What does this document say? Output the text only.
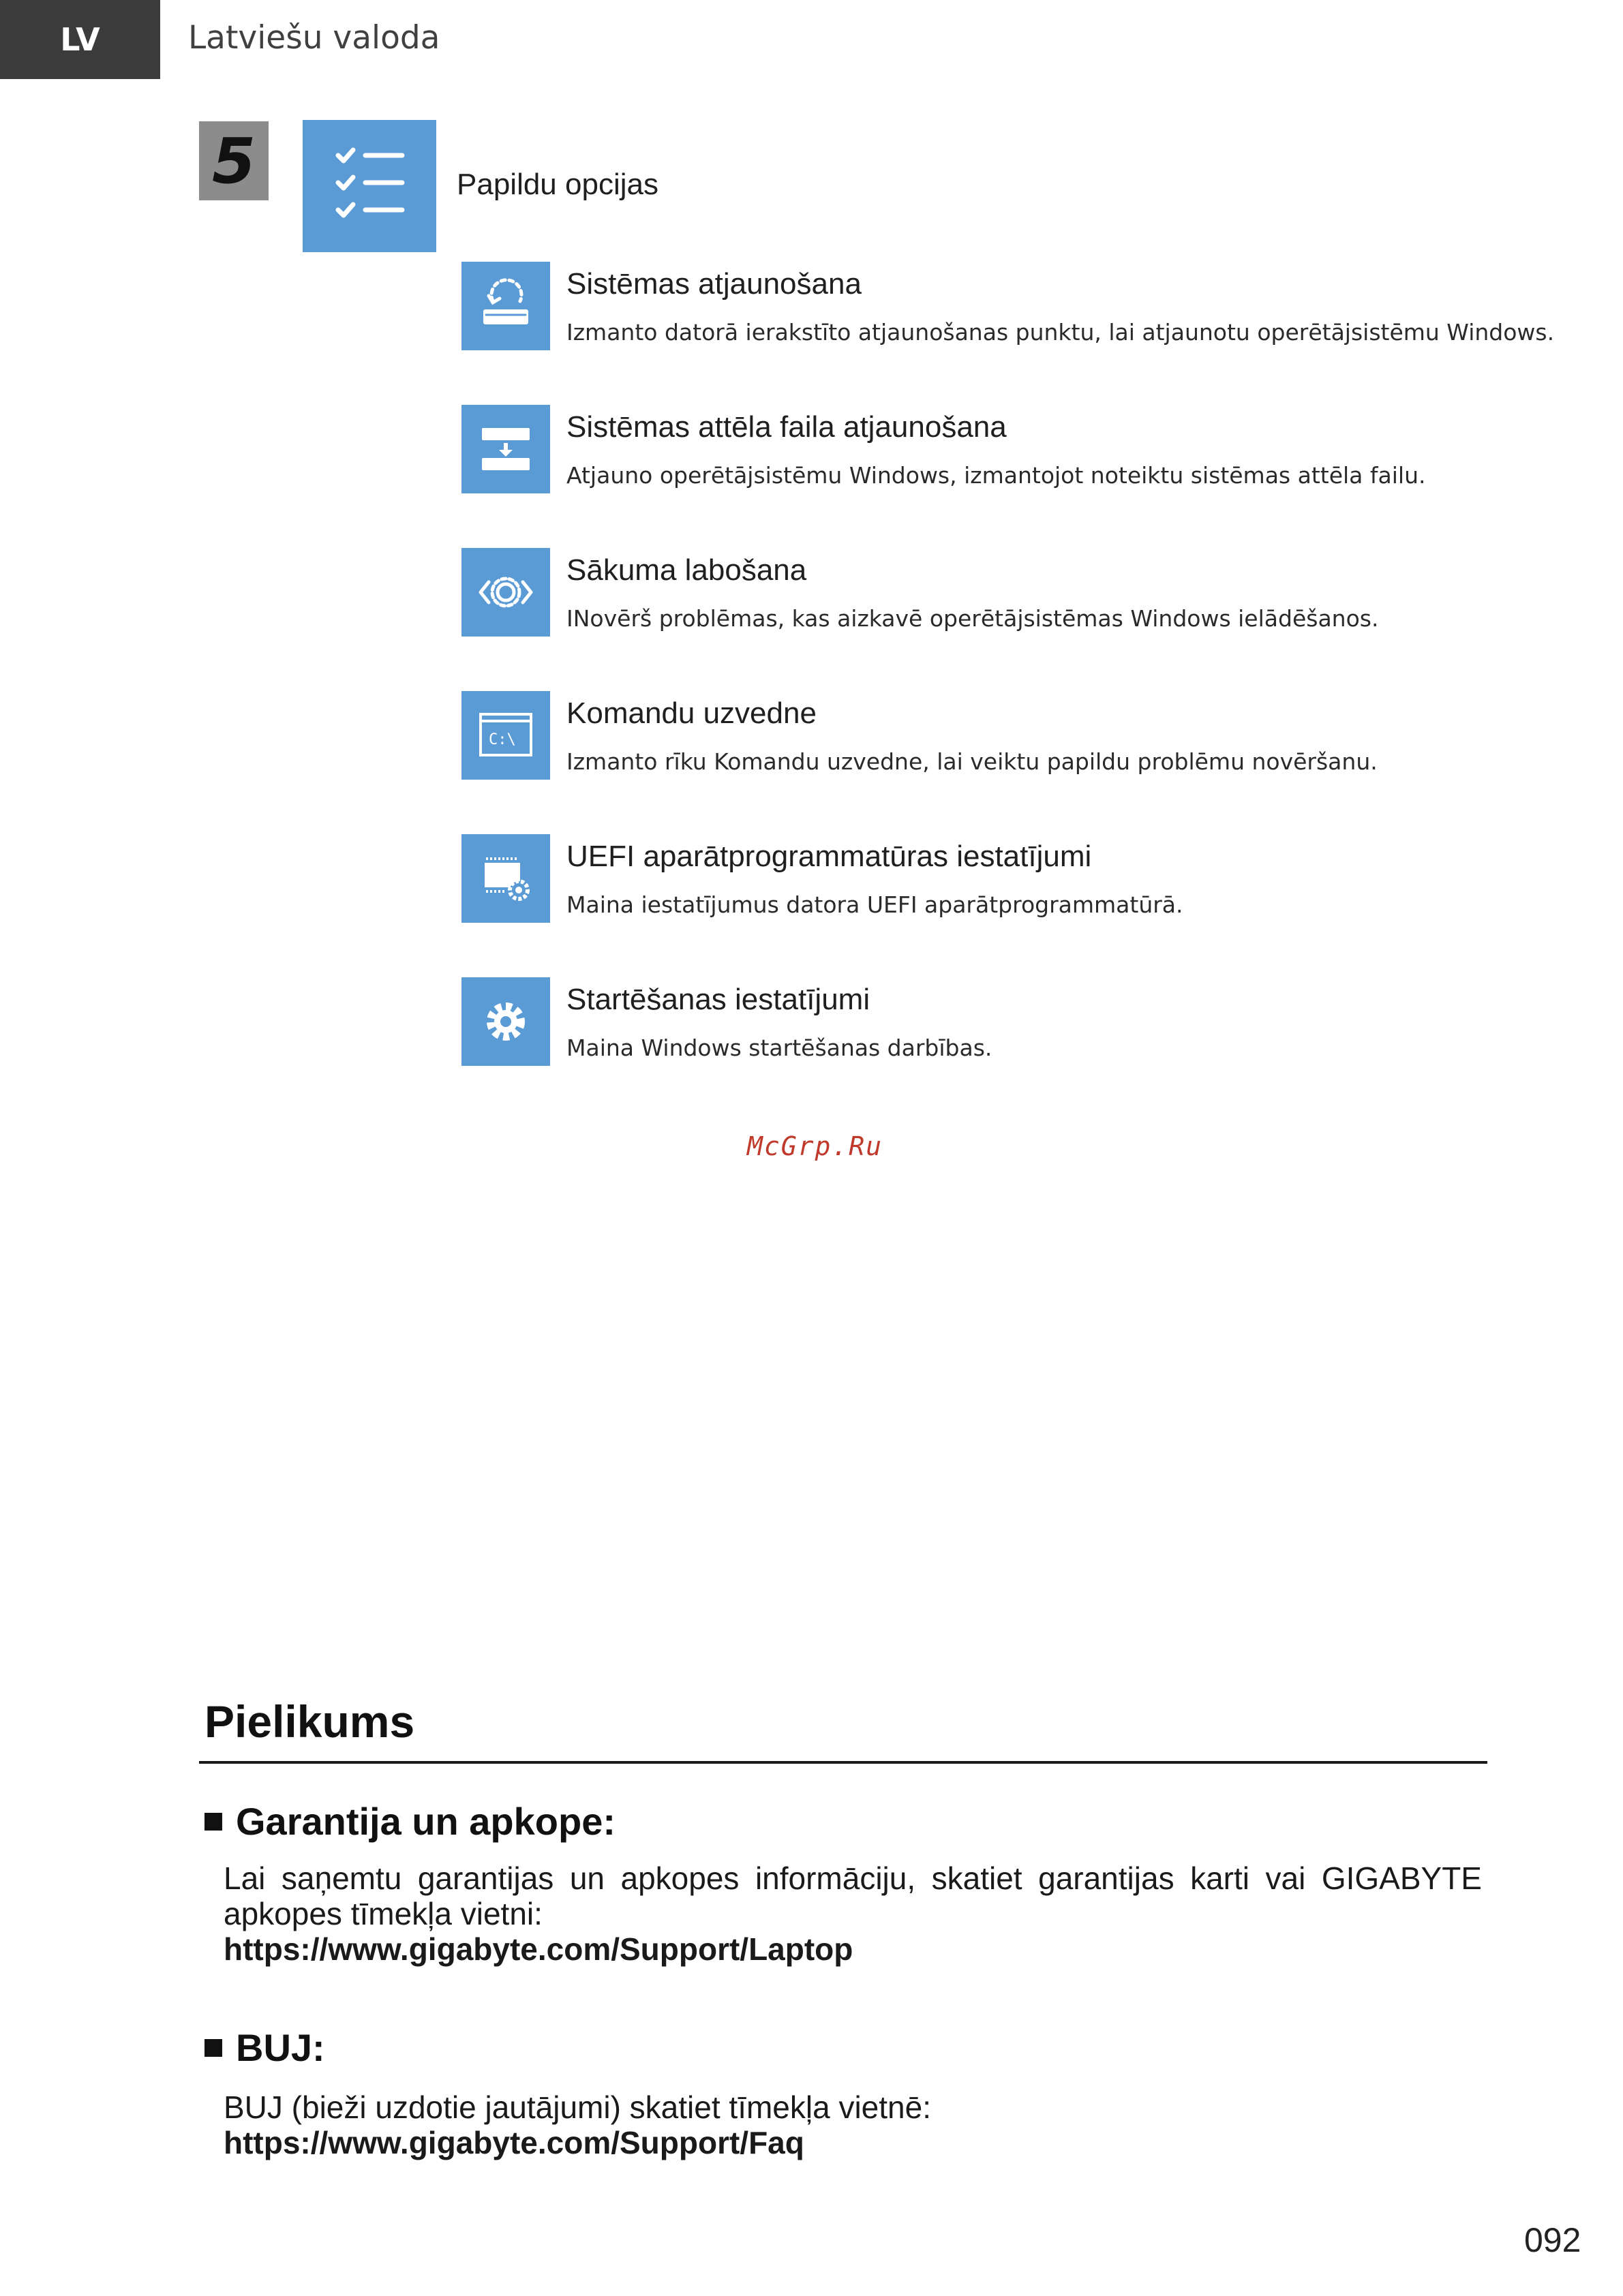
LV	Latviešu valoda
5	Papildu opcijas
Sistēmas atjaunošana
Izmanto datorā ierakstīto atjaunošanas punktu, lai atjaunotu operētājsistēmu Windows.
Sistēmas attēla faila atjaunošana
Atjauno operētājsistēmu Windows, izmantojot noteiktu sistēmas attēla failu.
Sākuma labošana
INovērš problēmas, kas aizkavē operētājsistēmas Windows ielādēšanos.
C:\
Komandu uzvedne
Izmanto rīku Komandu uzvedne, lai veiktu papildu problēmu novēršanu.
UEFI aparātprogrammatūras iestatījumi
Maina iestatījumus datora UEFI aparātprogrammatūrā.
Startēšanas iestatījumi
Maina Windows startēšanas darbības.
McGrp.Ru
Pielikums
Garantija un apkope:
Lai saņemtu garantijas un apkopes informāciju, skatiet garantijas karti vai GIGABYTE apkopes tīmekļa vietni:
https://www.gigabyte.com/Support/Laptop
BUJ:
BUJ (bieži uzdotie jautājumi) skatiet tīmekļa vietnē:
https://www.gigabyte.com/Support/Faq
092
